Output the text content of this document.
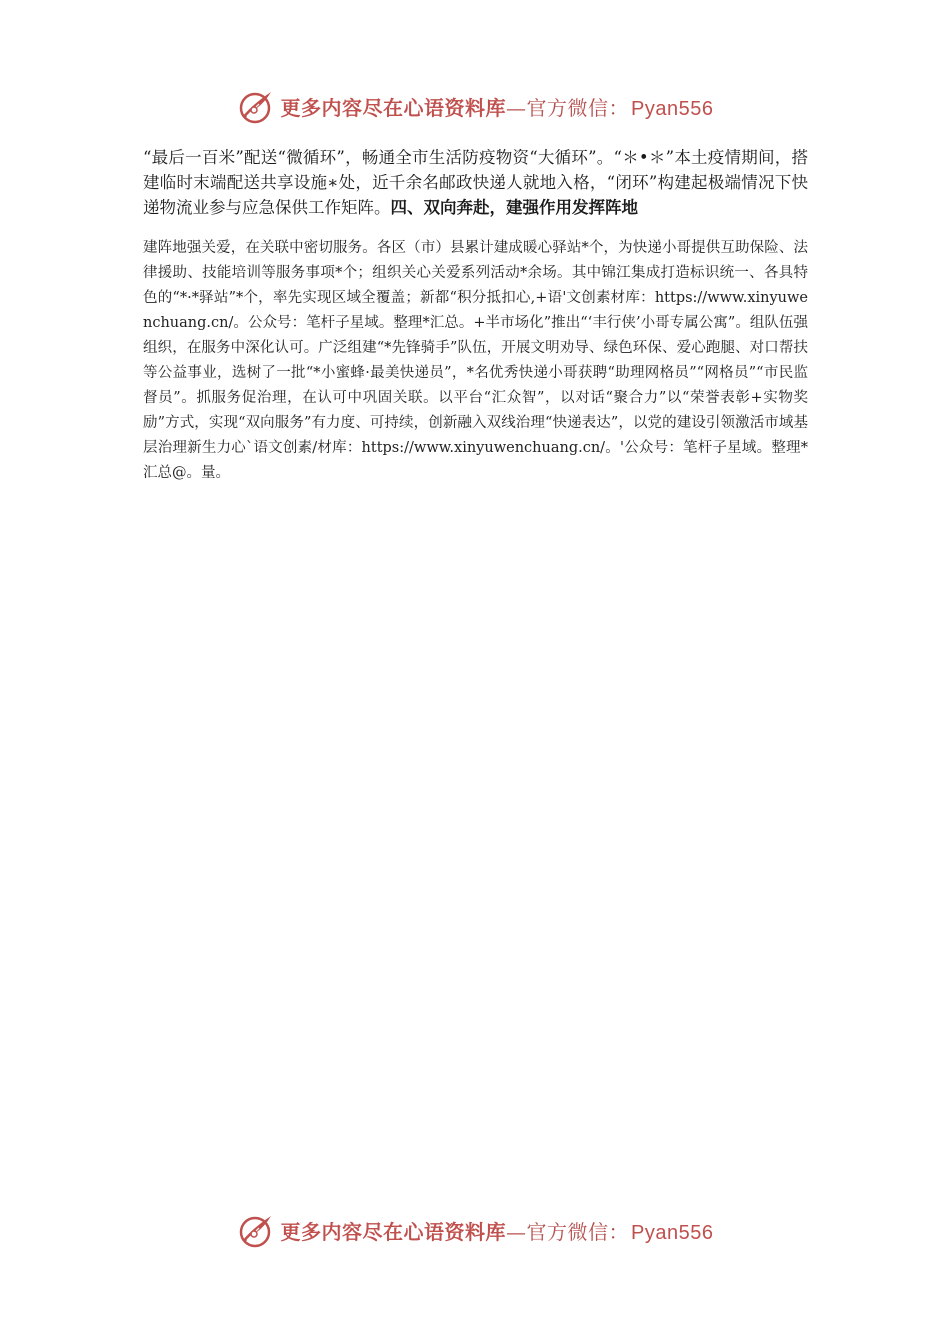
更多内容尽在心语资料库 — 官方微信： Pyan556

“最后一百米”配送“微循环”，畅通全市生活防疫物资“大循环”。“＊•＊”本土疫情期间，搭建临时末端配送共享设施∗处，近千余名邮政快递人就地入格，“闭环”构建起极端情况下快递物流业参与应急保供工作矩阵。四、双向奔赴，建强作用发挥阵地

建阵地强关爱，在关联中密切服务。各区（市）县累计建成暖心驿站*个，为快递小哥提供互助保险、法律援助、技能培训等服务事项*个；组织关心关爱系列活动*余场。其中锦江集成打造标识统一、各具特色的“*·*驿站”*个，率先实现区域全覆盖；新都“积分抵扣心,+语'文创素材库：https://www.xinyuwenchuang.cn/。公众号：笔杆子星域。整理*汇总。+半市场化”推出“‘丰行侠’小哥专属公寓”。组队伍强组织，在服务中深化认可。广泛组建“*先锋骑手”队伍，开展文明劝导、绿色环保、爱心跑腿、对口帮扶等公益事业，选树了一批“*小蜜蜂·最美快递员”，*名优秀快递小哥获聘“助理网格员”“网格员”“市民监督员”。抓服务促治理，在认可中巩固关联。以平台“汇众智”，以对话“聚合力”以“荣誉表彰+实物奖励”方式，实现“双向服务”有力度、可持续，创新融入双线治理“快递表达”，以党的建设引领激活市域基层治理新生力心`语文创素/材库：https://www.xinyuwenchuang.cn/。'公众号：笔杆子星域。整理*汇总@。量。

更多内容尽在心语资料库 — 官方微信： Pyan556
